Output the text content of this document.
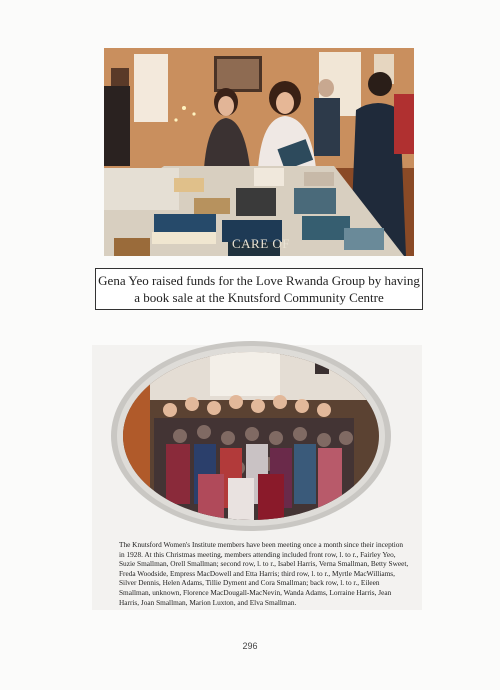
CARE OF
Gena Yeo raised funds for the Love Rwanda Group by having
a book sale at the Knutsford Community Centre
The Knutsford Women's Institute members have been meeting once a month since their inception in 1928. At this Christmas meeting, members attending included front row, l. to r., Fairley Yeo, Suzie Smallman, Orell Smallman; second row, l. to r., Isabel Harris, Verna Smallman, Betty Sweet, Freda Woodside, Empress MacDowell and Etta Harris; third row, l. to r., Myrtle MacWilliams, Silver Dennis, Helen Adams, Tillie Dyment and Cora Smallman; back row, l. to r., Eileen Smallman, unknown, Florence MacDougall-MacNevin, Wanda Adams, Lorraine Harris, Jean Harris, Joan Smallman, Marion Luxton, and Elva Smallman.
296
